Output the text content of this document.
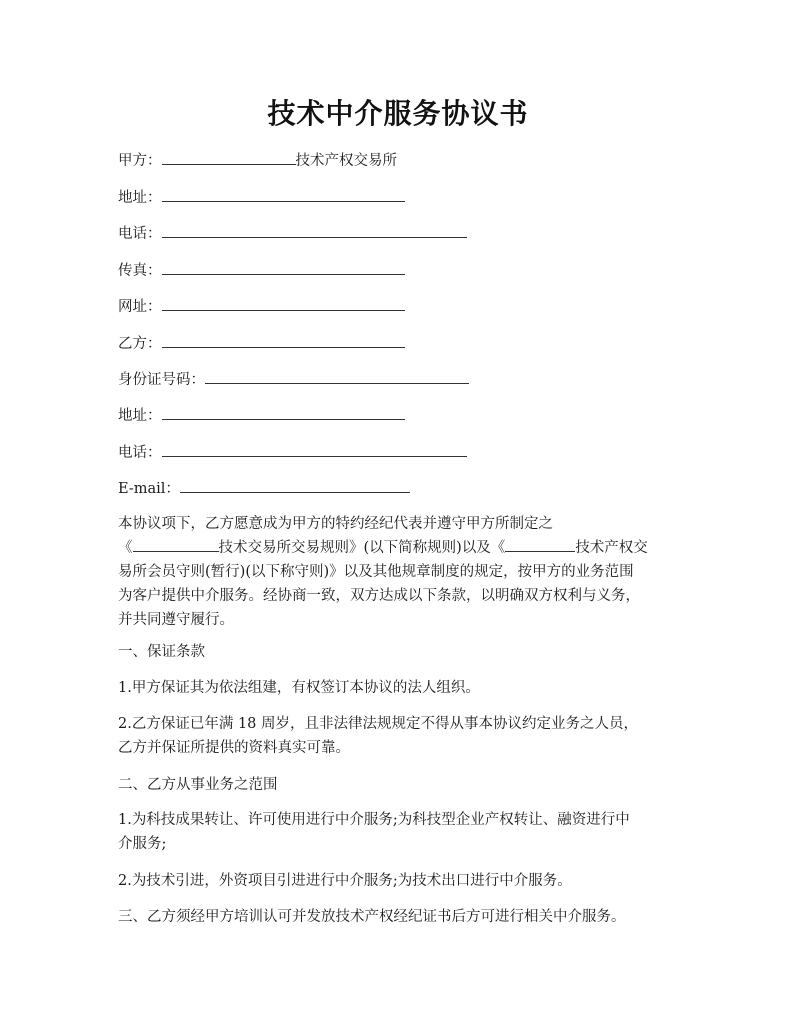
技术中介服务协议书
甲方：	技术产权交易所
地址：
电话：
传真：
网址：
乙方：
身份证号码：
地址：
电话：
E-mail：
本协议项下，乙方愿意成为甲方的特约经纪代表并遵守甲方所制定之
《	技术交易所交易规则》(以下简称规则)以及《	技术产权交
易所会员守则(暂行)(以下称守则)》以及其他规章制度的规定，按甲方的业务范围
为客户提供中介服务。经协商一致，双方达成以下条款，以明确双方权利与义务，
并共同遵守履行。
一、保证条款
1.甲方保证其为依法组建，有权签订本协议的法人组织。
2.乙方保证已年满 18 周岁，且非法律法规规定不得从事本协议约定业务之人员，
乙方并保证所提供的资料真实可靠。
二、乙方从事业务之范围
1.为科技成果转让、许可使用进行中介服务;为科技型企业产权转让、融资进行中
介服务;
2.为技术引进，外资项目引进进行中介服务;为技术出口进行中介服务。
三、乙方须经甲方培训认可并发放技术产权经纪证书后方可进行相关中介服务。
